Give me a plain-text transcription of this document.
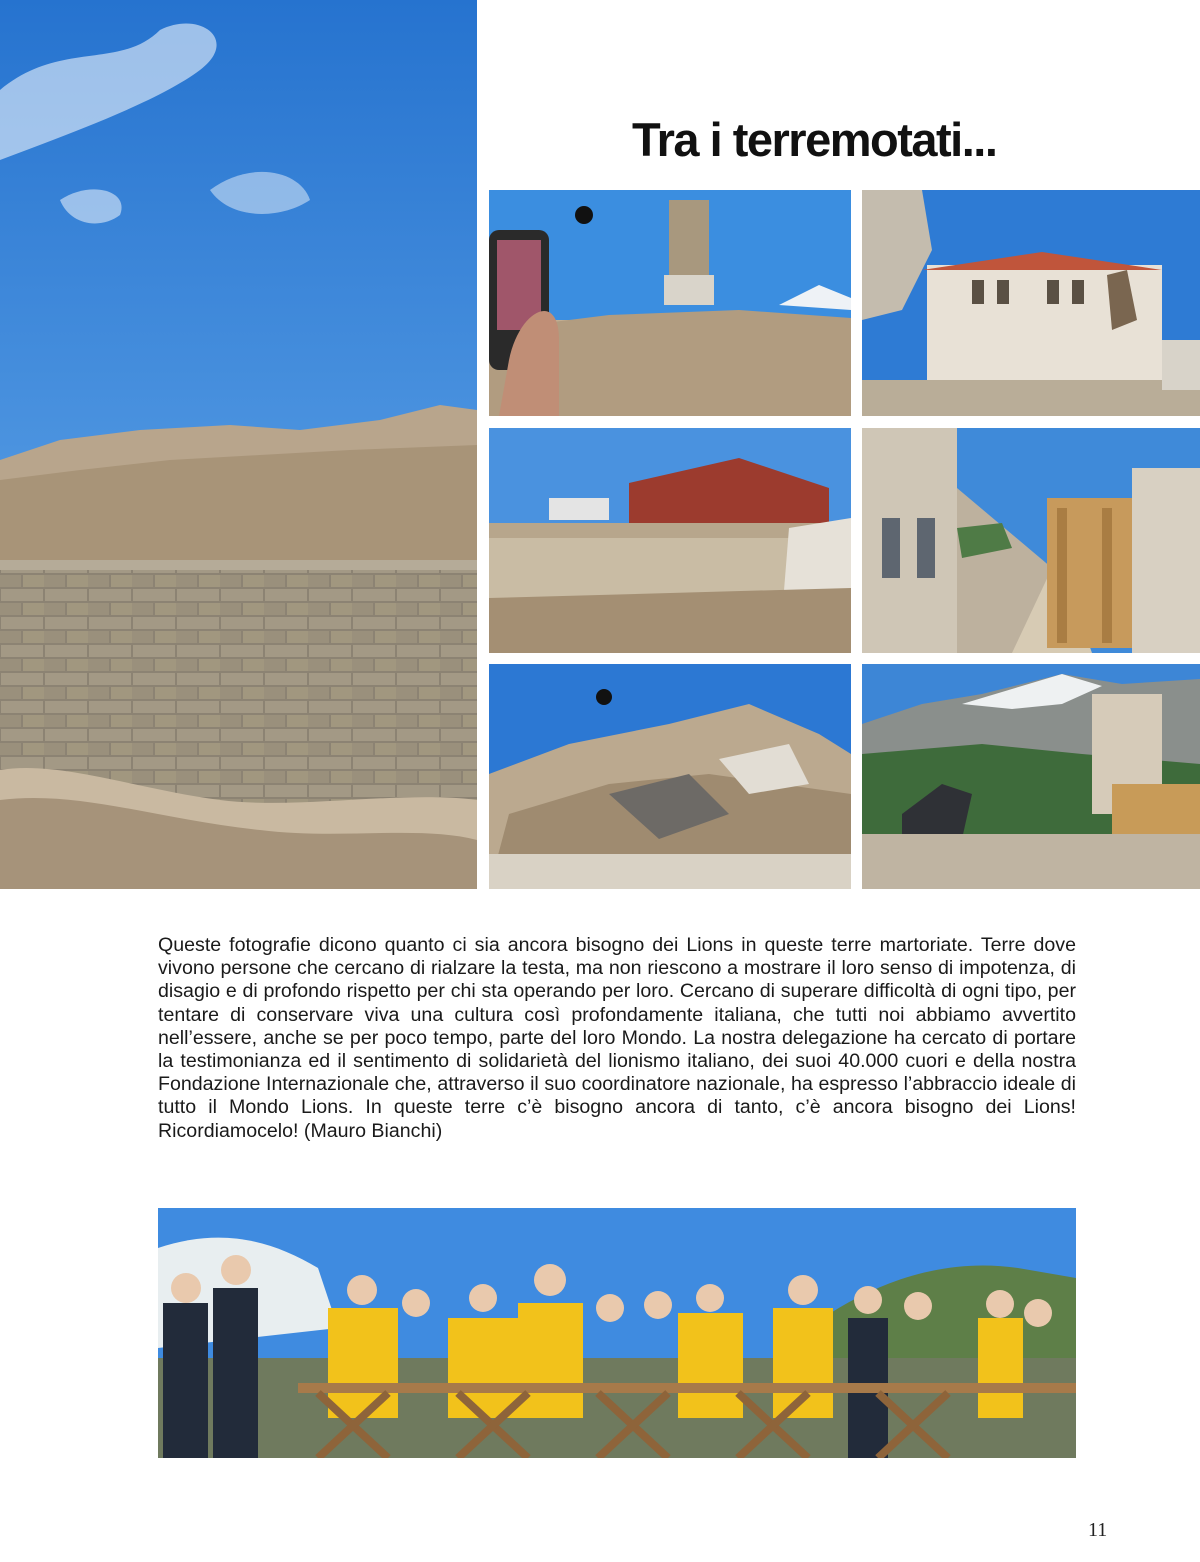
Tra i terremotati...

Queste fotografie dicono quanto ci sia ancora bisogno dei Lions in queste terre martoriate. Terre dove vivono persone che cercano di rialzare la testa, ma non riescono a mostrare il loro senso di impotenza, di disagio e di profondo rispetto per chi sta operando per loro. Cercano di superare difficoltà di ogni tipo, per tentare di conservare viva una cultura così profondamente italiana, che tutti noi abbiamo avvertito nell’essere, anche se per poco tempo, parte del loro Mondo. La nostra delegazione ha cercato di portare la testimonianza ed il sentimento di solidarietà del lionismo italiano, dei suoi 40.000 cuori e della nostra Fondazione Internazionale che, attraverso il suo coordinatore nazionale, ha espresso l’abbraccio ideale di tutto il Mondo Lions. In queste terre c’è bisogno ancora di tanto, c’è ancora bisogno dei Lions! Ricordiamocelo! (Mauro Bianchi)

11
